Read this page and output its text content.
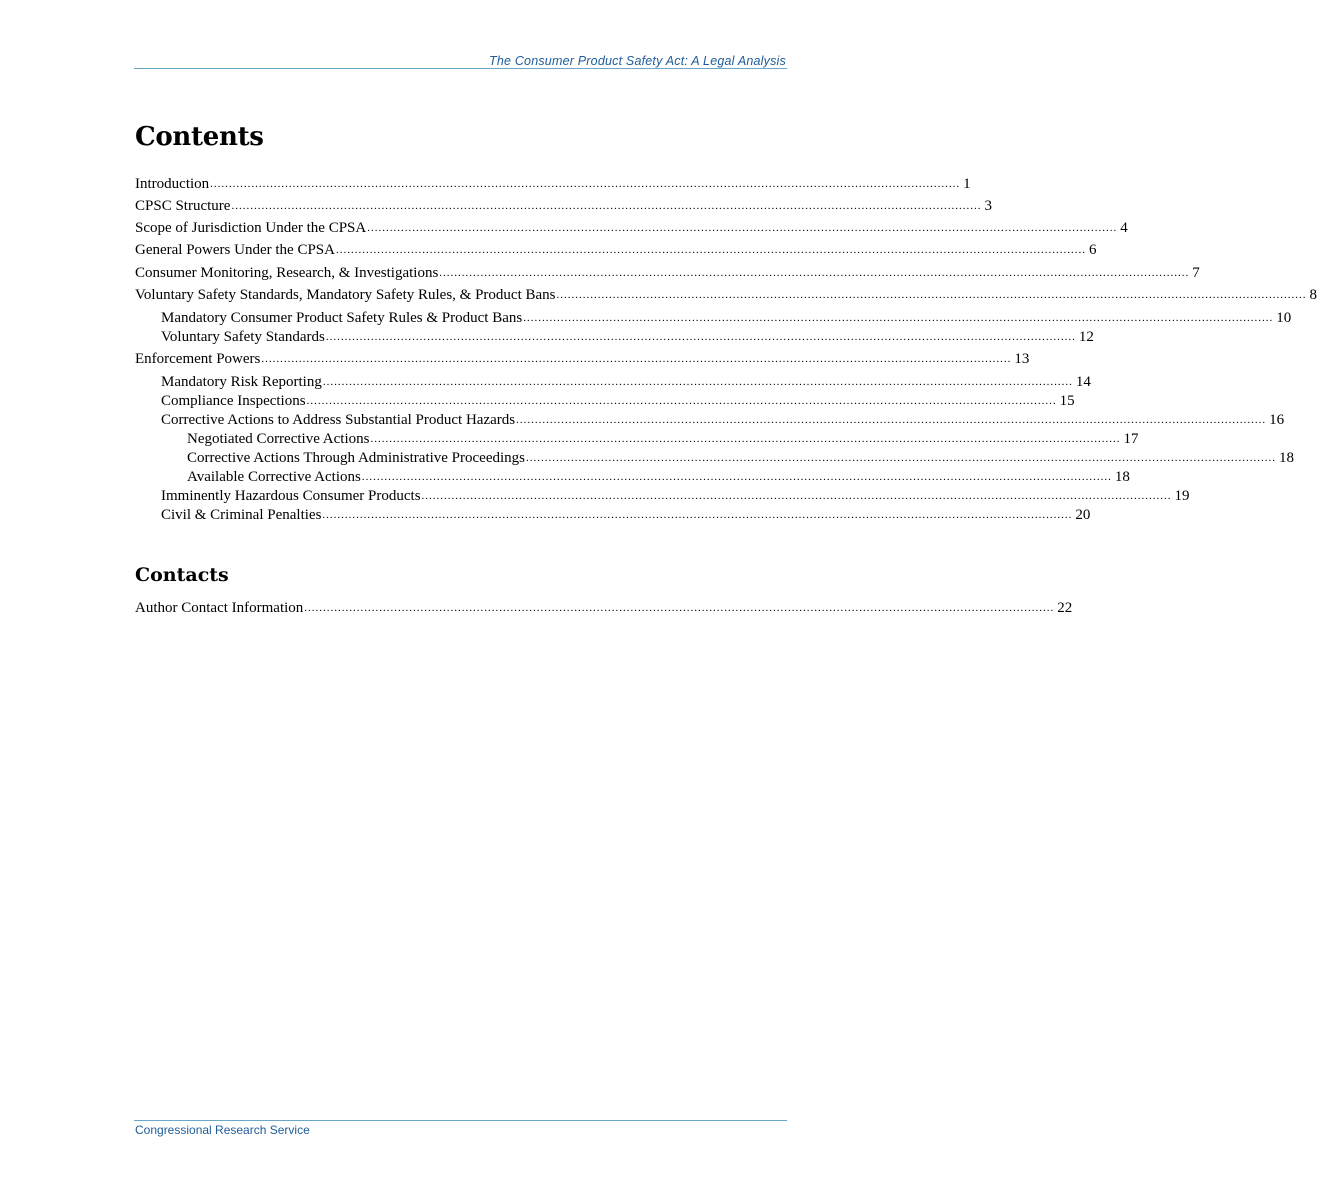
The Consumer Product Safety Act: A Legal Analysis
Contents
Introduction ........................................................................................................................................................................................................ 1
CPSC Structure ........................................................................................................................................................................................................ 3
Scope of Jurisdiction Under the CPSA ........................................................................................................................................................................................................ 4
General Powers Under the CPSA ........................................................................................................................................................................................................ 6
Consumer Monitoring, Research, & Investigations ........................................................................................................................................................................................................ 7
Voluntary Safety Standards, Mandatory Safety Rules, & Product Bans ........................................................................................................................................................................................................ 8
Mandatory Consumer Product Safety Rules & Product Bans ........................................................................................................................................................................................................ 10
Voluntary Safety Standards ........................................................................................................................................................................................................ 12
Enforcement Powers ........................................................................................................................................................................................................ 13
Mandatory Risk Reporting ........................................................................................................................................................................................................ 14
Compliance Inspections ........................................................................................................................................................................................................ 15
Corrective Actions to Address Substantial Product Hazards ........................................................................................................................................................................................................ 16
Negotiated Corrective Actions ........................................................................................................................................................................................................ 17
Corrective Actions Through Administrative Proceedings ........................................................................................................................................................................................................ 18
Available Corrective Actions ........................................................................................................................................................................................................ 18
Imminently Hazardous Consumer Products ........................................................................................................................................................................................................ 19
Civil & Criminal Penalties ........................................................................................................................................................................................................ 20
Contacts
Author Contact Information ........................................................................................................................................................................................................ 22
Congressional Research Service
